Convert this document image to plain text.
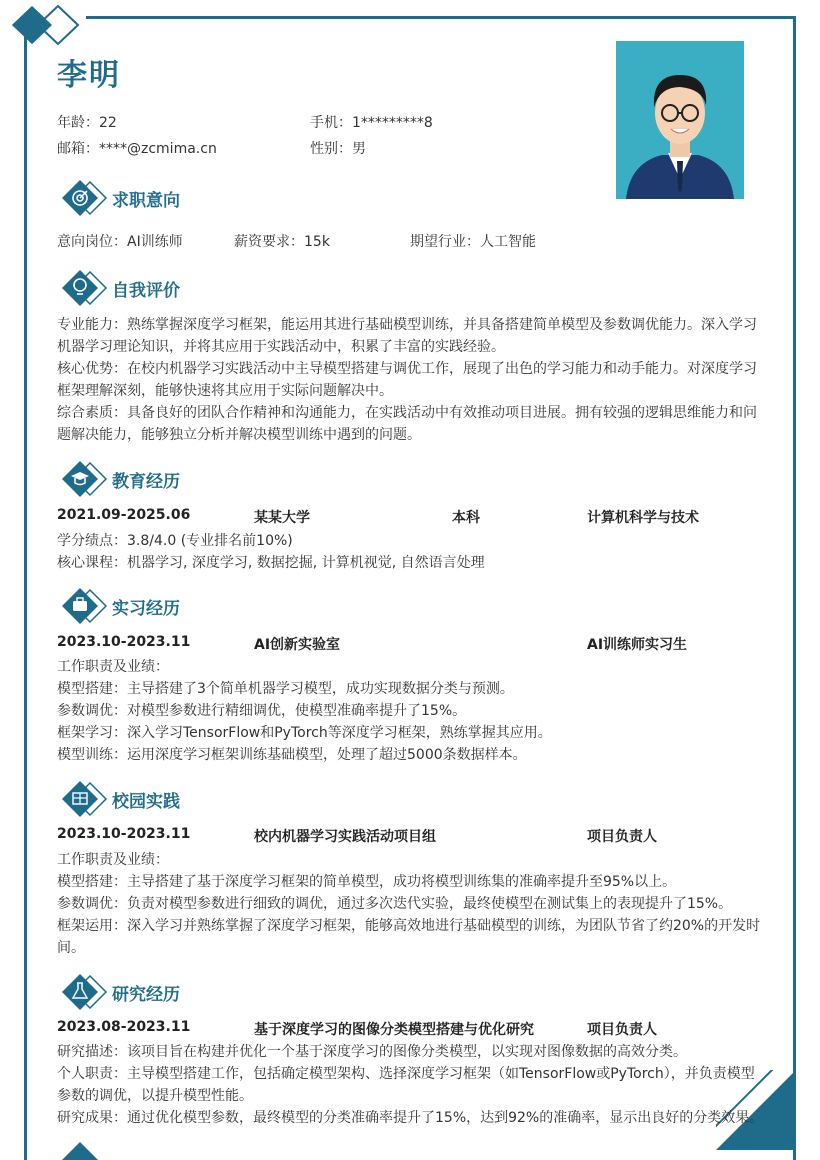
李明
年龄：22	手机：1*********8
邮箱：****@zcmima.cn	性别：男
求职意向
意向岗位：AI训练师	薪资要求：15k	期望行业：人工智能
自我评价
专业能力：熟练掌握深度学习框架，能运用其进行基础模型训练，并具备搭建简单模型及参数调优能力。深入学习
机器学习理论知识，并将其应用于实践活动中，积累了丰富的实践经验。
核心优势：在校内机器学习实践活动中主导模型搭建与调优工作，展现了出色的学习能力和动手能力。对深度学习
框架理解深刻，能够快速将其应用于实际问题解决中。
综合素质：具备良好的团队合作精神和沟通能力，在实践活动中有效推动项目进展。拥有较强的逻辑思维能力和问
题解决能力，能够独立分析并解决模型训练中遇到的问题。
教育经历
2021.09-2025.06	某某大学	本科	计算机科学与技术
学分绩点：3.8/4.0 (专业排名前10%)
核心课程：机器学习, 深度学习, 数据挖掘, 计算机视觉, 自然语言处理
实习经历
2023.10-2023.11	AI创新实验室	AI训练师实习生
工作职责及业绩：
模型搭建：主导搭建了3个简单机器学习模型，成功实现数据分类与预测。
参数调优：对模型参数进行精细调优，使模型准确率提升了15%。
框架学习：深入学习TensorFlow和PyTorch等深度学习框架，熟练掌握其应用。
模型训练：运用深度学习框架训练基础模型，处理了超过5000条数据样本。
校园实践
2023.10-2023.11	校内机器学习实践活动项目组	项目负责人
工作职责及业绩：
模型搭建：主导搭建了基于深度学习框架的简单模型，成功将模型训练集的准确率提升至95%以上。
参数调优：负责对模型参数进行细致的调优，通过多次迭代实验，最终使模型在测试集上的表现提升了15%。
框架运用：深入学习并熟练掌握了深度学习框架，能够高效地进行基础模型的训练，为团队节省了约20%的开发时
间。
研究经历
2023.08-2023.11	基于深度学习的图像分类模型搭建与优化研究	项目负责人
研究描述：该项目旨在构建并优化一个基于深度学习的图像分类模型，以实现对图像数据的高效分类。
个人职责：主导模型搭建工作，包括确定模型架构、选择深度学习框架（如TensorFlow或PyTorch），并负责模型
参数的调优，以提升模型性能。
研究成果：通过优化模型参数，最终模型的分类准确率提升了15%，达到92%的准确率，显示出良好的分类效果。
